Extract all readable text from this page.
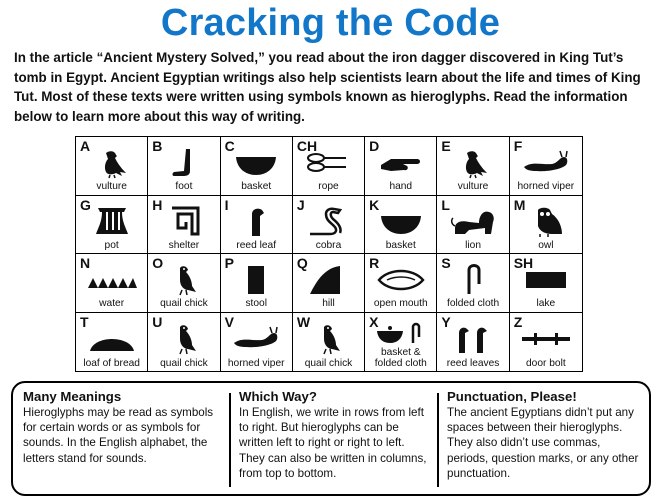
Cracking the Code
In the article “Ancient Mystery Solved,” you read about the iron dagger discovered in King Tut’s tomb in Egypt. Ancient Egyptian writings also help scientists learn about the life and times of King Tut. Most of these texts were written using symbols known as hieroglyphs. Read the information below to learn more about this way of writing.
A
vulture
B
foot
C
basket
CH
rope
D
hand
E
vulture
F
horned viper
G
pot
H
shelter
I
reed leaf
J
cobra
K
basket
L
lion
M
owl
N
water
O
quail chick
P
stool
Q
hill
R
open mouth
S
folded cloth
SH
lake
T
loaf of bread
U
quail chick
V
horned viper
W
quail chick
X
basket &
folded cloth
Y
reed leaves
Z
door bolt
Many Meanings

Hieroglyphs may be read as symbols for certain words or as symbols for sounds. In the English alphabet, the letters stand for sounds.

Which Way?

In English, we write in rows from left to right. But hieroglyphs can be written left to right or right to left. They can also be written in columns, from top to bottom.

Punctuation, Please!

The ancient Egyptians didn’t put any spaces between their hieroglyphs. They also didn’t use commas, periods, question marks, or any other punctuation.
